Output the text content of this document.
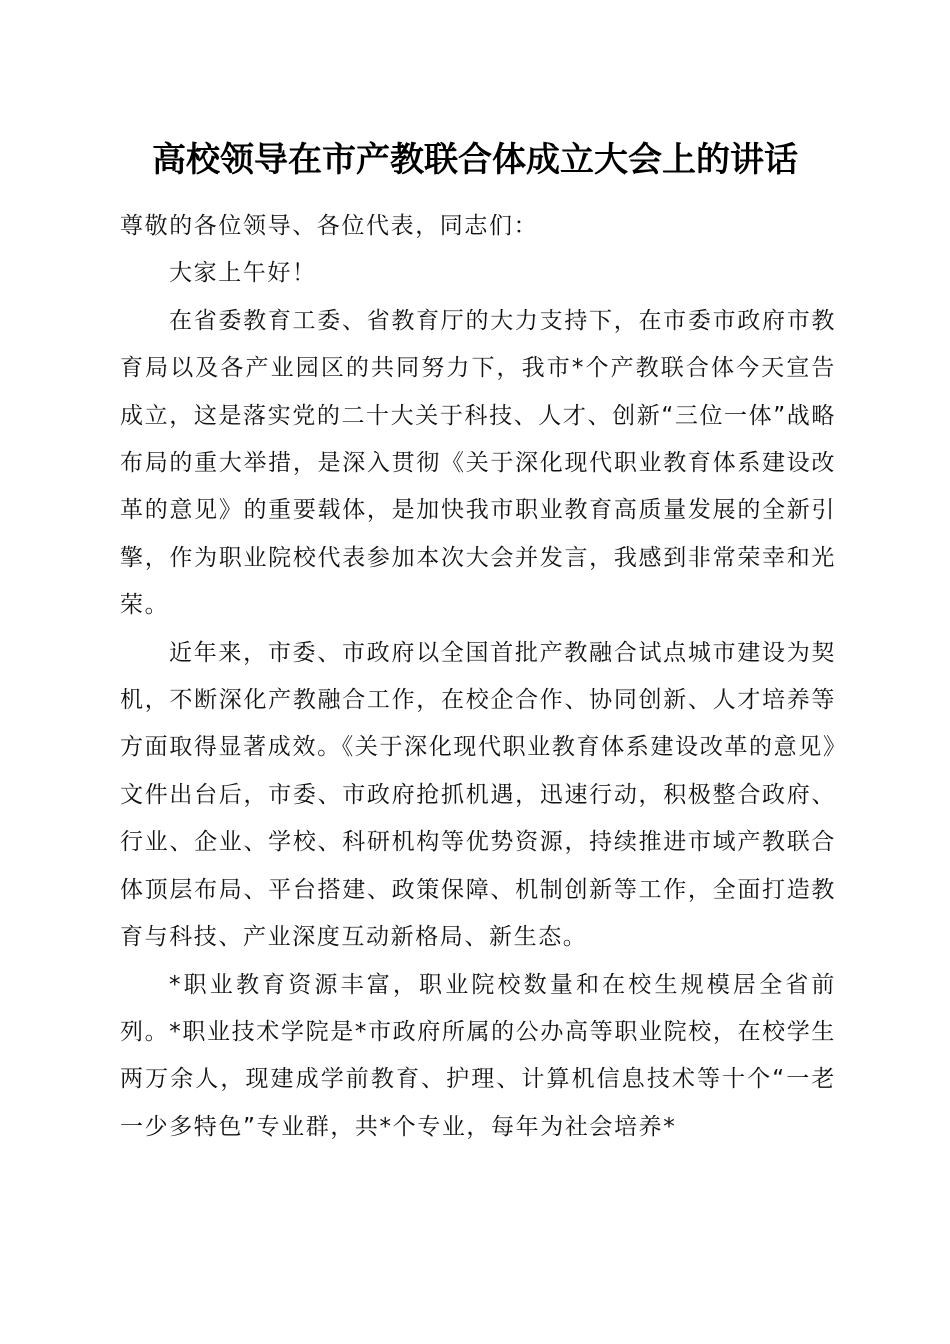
高校领导在市产教联合体成立大会上的讲话

尊敬的各位领导、各位代表，同志们：

大家上午好！

在省委教育工委、省教育厅的大力支持下，在市委市政府市教育局以及各产业园区的共同努力下，我市*个产教联合体今天宣告成立，这是落实党的二十大关于科技、人才、创新“三位一体”战略布局的重大举措，是深入贯彻《关于深化现代职业教育体系建设改革的意见》的重要载体，是加快我市职业教育高质量发展的全新引擎，作为职业院校代表参加本次大会并发言，我感到非常荣幸和光荣。

近年来，市委、市政府以全国首批产教融合试点城市建设为契机，不断深化产教融合工作，在校企合作、协同创新、人才培养等方面取得显著成效。《关于深化现代职业教育体系建设改革的意见》文件出台后，市委、市政府抢抓机遇，迅速行动，积极整合政府、行业、企业、学校、科研机构等优势资源，持续推进市域产教联合体顶层布局、平台搭建、政策保障、机制创新等工作，全面打造教育与科技、产业深度互动新格局、新生态。

*职业教育资源丰富，职业院校数量和在校生规模居全省前列。*职业技术学院是*市政府所属的公办高等职业院校，在校学生两万余人，现建成学前教育、护理、计算机信息技术等十个“一老一少多特色”专业群，共*个专业，每年为社会培养*
